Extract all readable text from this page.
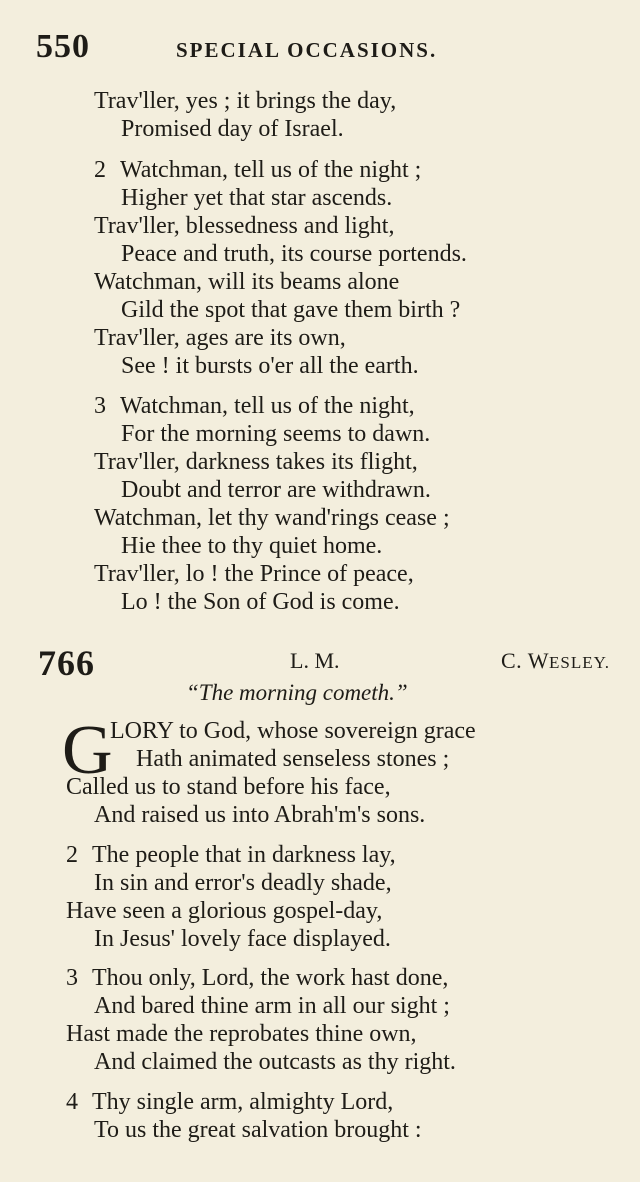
550	SPECIAL OCCASIONS.
Trav'ller, yes ; it brings the day,
Promised day of Israel.
2 Watchman, tell us of the night ;
Higher yet that star ascends.
Trav'ller, blessedness and light,
Peace and truth, its course portends.
Watchman, will its beams alone
Gild the spot that gave them birth ?
Trav'ller, ages are its own,
See ! it bursts o'er all the earth.
3 Watchman, tell us of the night,
For the morning seems to dawn.
Trav'ller, darkness takes its flight,
Doubt and terror are withdrawn.
Watchman, let thy wand'rings cease ;
Hie thee to thy quiet home.
Trav'ller, lo ! the Prince of peace,
Lo ! the Son of God is come.
766	L. M.	C. WESLEY.
“The morning cometh.”
G
LORY to God, whose sovereign grace
Hath animated senseless stones ;
Called us to stand before his face,
And raised us into Abrah'm's sons.
2 The people that in darkness lay,
In sin and error's deadly shade,
Have seen a glorious gospel-day,
In Jesus' lovely face displayed.
3 Thou only, Lord, the work hast done,
And bared thine arm in all our sight ;
Hast made the reprobates thine own,
And claimed the outcasts as thy right.
4 Thy single arm, almighty Lord,
To us the great salvation brought :
